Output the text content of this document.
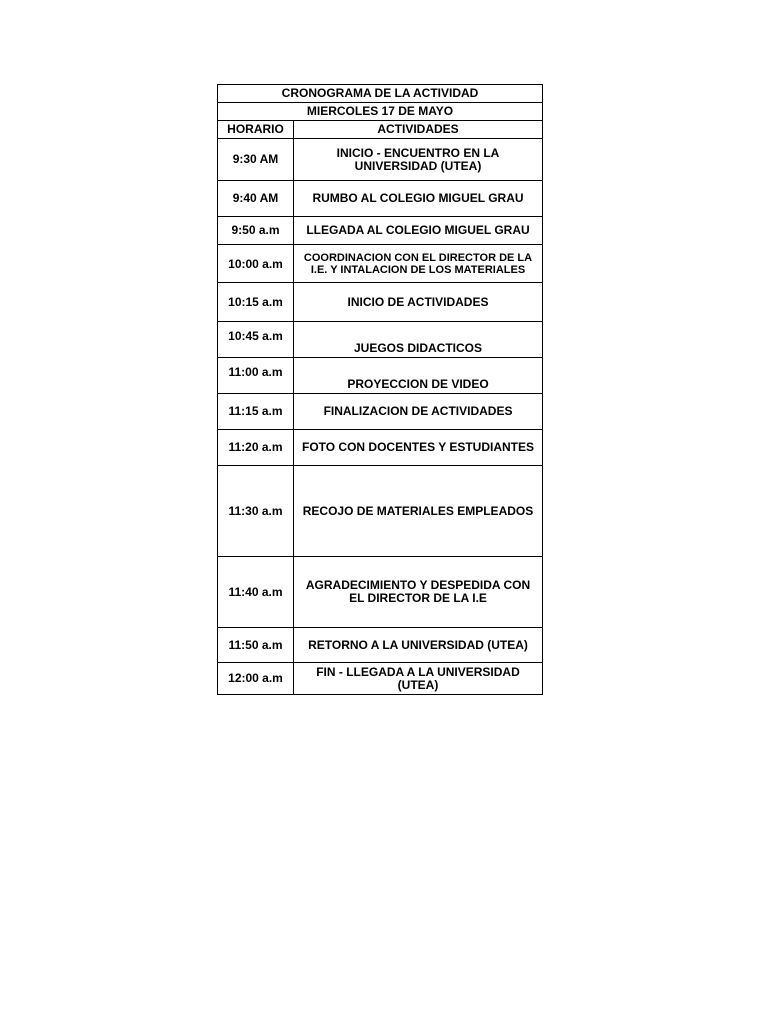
CRONOGRAMA DE LA ACTIVIDAD	
MIERCOLES 17 DE MAYO	
HORARIO	ACTIVIDADES
9:30 AM	INICIO - ENCUENTRO EN LA UNIVERSIDAD (UTEA)
9:40 AM	RUMBO AL COLEGIO MIGUEL GRAU
9:50 a.m	LLEGADA AL COLEGIO MIGUEL GRAU
10:00 a.m	COORDINACION CON EL DIRECTOR DE LA I.E. Y INTALACION DE LOS MATERIALES
10:15 a.m	INICIO DE ACTIVIDADES
10:45 a.m	JUEGOS DIDACTICOS
11:00 a.m	PROYECCION DE VIDEO
11:15 a.m	FINALIZACION DE ACTIVIDADES
11:20 a.m	FOTO CON DOCENTES Y ESTUDIANTES
11:30 a.m	RECOJO DE MATERIALES EMPLEADOS
11:40 a.m	AGRADECIMIENTO Y DESPEDIDA CON EL DIRECTOR DE LA I.E
11:50 a.m	RETORNO A LA UNIVERSIDAD (UTEA)
12:00 a.m	FIN - LLEGADA A LA UNIVERSIDAD (UTEA)
